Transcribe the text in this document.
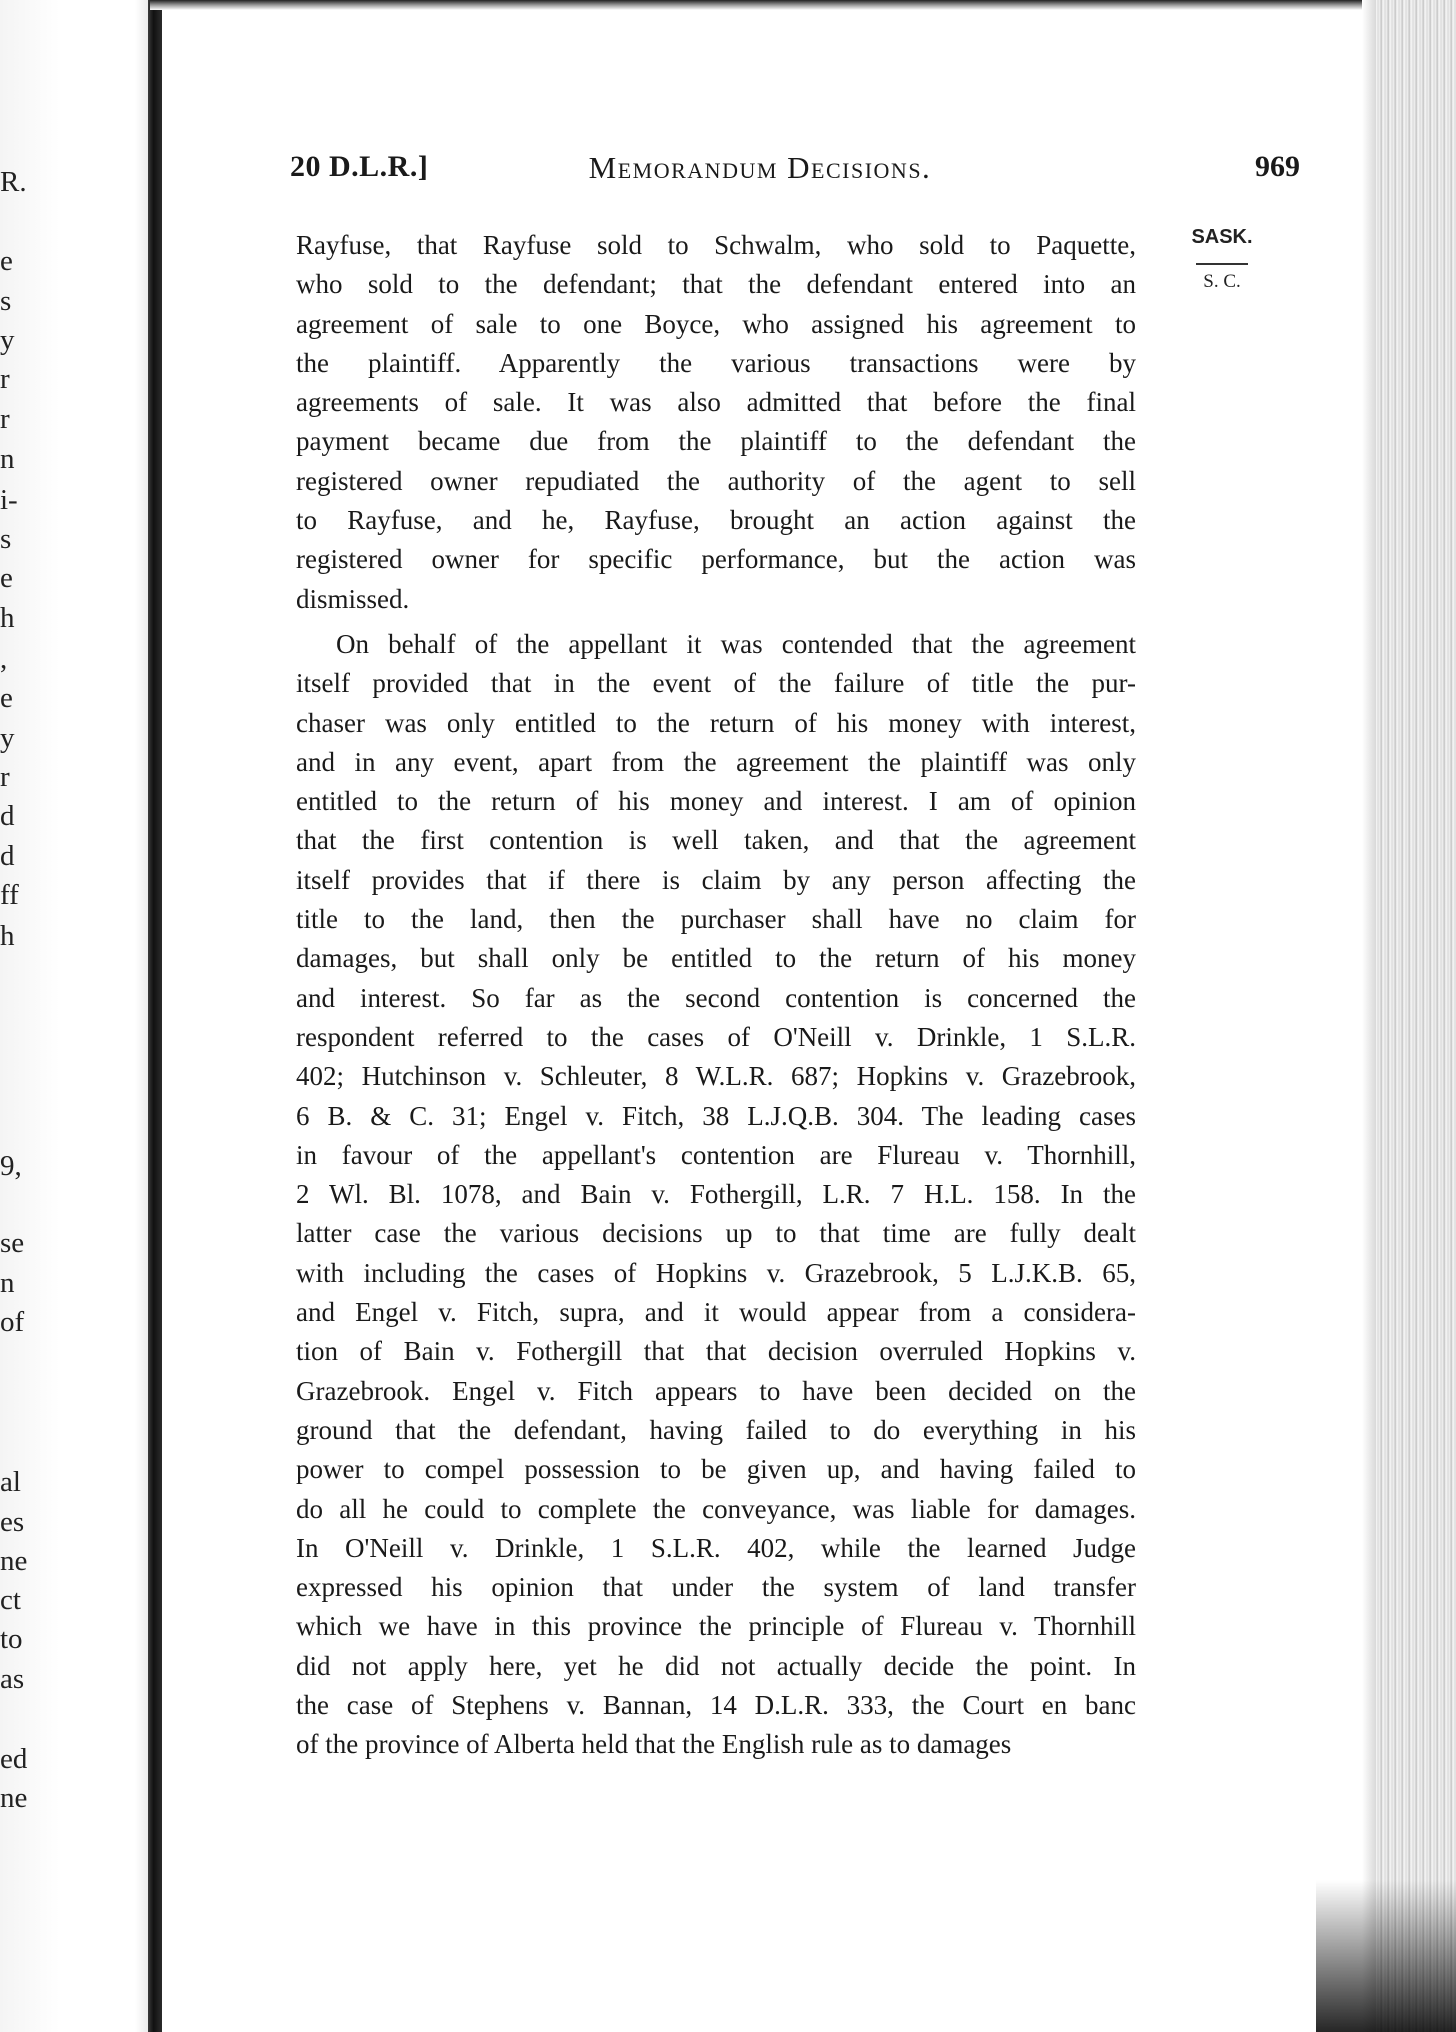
R.
e
s
y
r
r
n
i-
s
e
h
,
e
y
r
d
d
ff
h
9,
se
n
of
al
es
ne
ct
to
as
ed
ne
20 D.L.R.]	Memorandum Decisions.	969
SASK.
S. C.

Rayfuse, that Rayfuse sold to Schwalm, who sold to Paquette,
who sold to the defendant; that the defendant entered into an
agreement of sale to one Boyce, who assigned his agreement to
the plaintiff. Apparently the various transactions were by
agreements of sale. It was also admitted that before the final
payment became due from the plaintiff to the defendant the
registered owner repudiated the authority of the agent to sell
to Rayfuse, and he, Rayfuse, brought an action against the
registered owner for specific performance, but the action was
dismissed.

On behalf of the appellant it was contended that the agreement
itself provided that in the event of the failure of title the pur-
chaser was only entitled to the return of his money with interest,
and in any event, apart from the agreement the plaintiff was only
entitled to the return of his money and interest. I am of opinion
that the first contention is well taken, and that the agreement
itself provides that if there is claim by any person affecting the
title to the land, then the purchaser shall have no claim for
damages, but shall only be entitled to the return of his money
and interest. So far as the second contention is concerned the
respondent referred to the cases of O'Neill v. Drinkle, 1 S.L.R.
402; Hutchinson v. Schleuter, 8 W.L.R. 687; Hopkins v. Grazebrook,
6 B. & C. 31; Engel v. Fitch, 38 L.J.Q.B. 304. The leading cases
in favour of the appellant's contention are Flureau v. Thornhill,
2 Wl. Bl. 1078, and Bain v. Fothergill, L.R. 7 H.L. 158. In the
latter case the various decisions up to that time are fully dealt
with including the cases of Hopkins v. Grazebrook, 5 L.J.K.B. 65,
and Engel v. Fitch, supra, and it would appear from a considera-
tion of Bain v. Fothergill that that decision overruled Hopkins v.
Grazebrook. Engel v. Fitch appears to have been decided on the
ground that the defendant, having failed to do everything in his
power to compel possession to be given up, and having failed to
do all he could to complete the conveyance, was liable for damages.
In O'Neill v. Drinkle, 1 S.L.R. 402, while the learned Judge
expressed his opinion that under the system of land transfer
which we have in this province the principle of Flureau v. Thornhill
did not apply here, yet he did not actually decide the point. In
the case of Stephens v. Bannan, 14 D.L.R. 333, the Court en banc
of the province of Alberta held that the English rule as to damages
